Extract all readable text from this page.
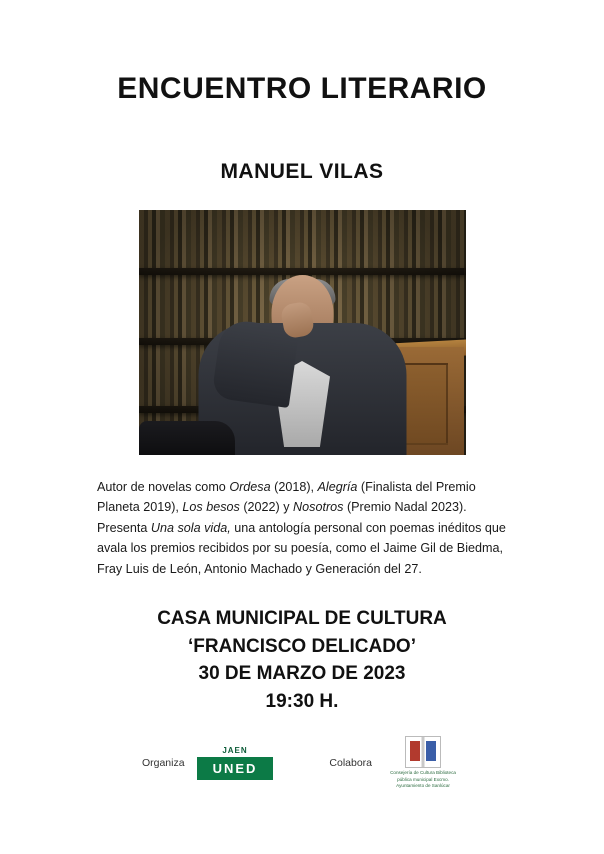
ENCUENTRO LITERARIO
MANUEL VILAS
Autor de novelas como Ordesa (2018), Alegría (Finalista del Premio Planeta 2019), Los besos (2022) y Nosotros (Premio Nadal 2023). Presenta Una sola vida, una antología personal con poemas inéditos que avala los premios recibidos por su poesía, como el Jaime Gil de Biedma, Fray Luis de León, Antonio Machado y Generación del 27.
CASA MUNICIPAL DE CULTURA
‘FRANCISCO DELICADO’
30 DE MARZO DE 2023
19:30 H.
Organiza
JAEN
UNED	Colabora
Consejería de Cultura Biblioteca pública municipal Excmo. Ayuntamiento de Sanlúcar
